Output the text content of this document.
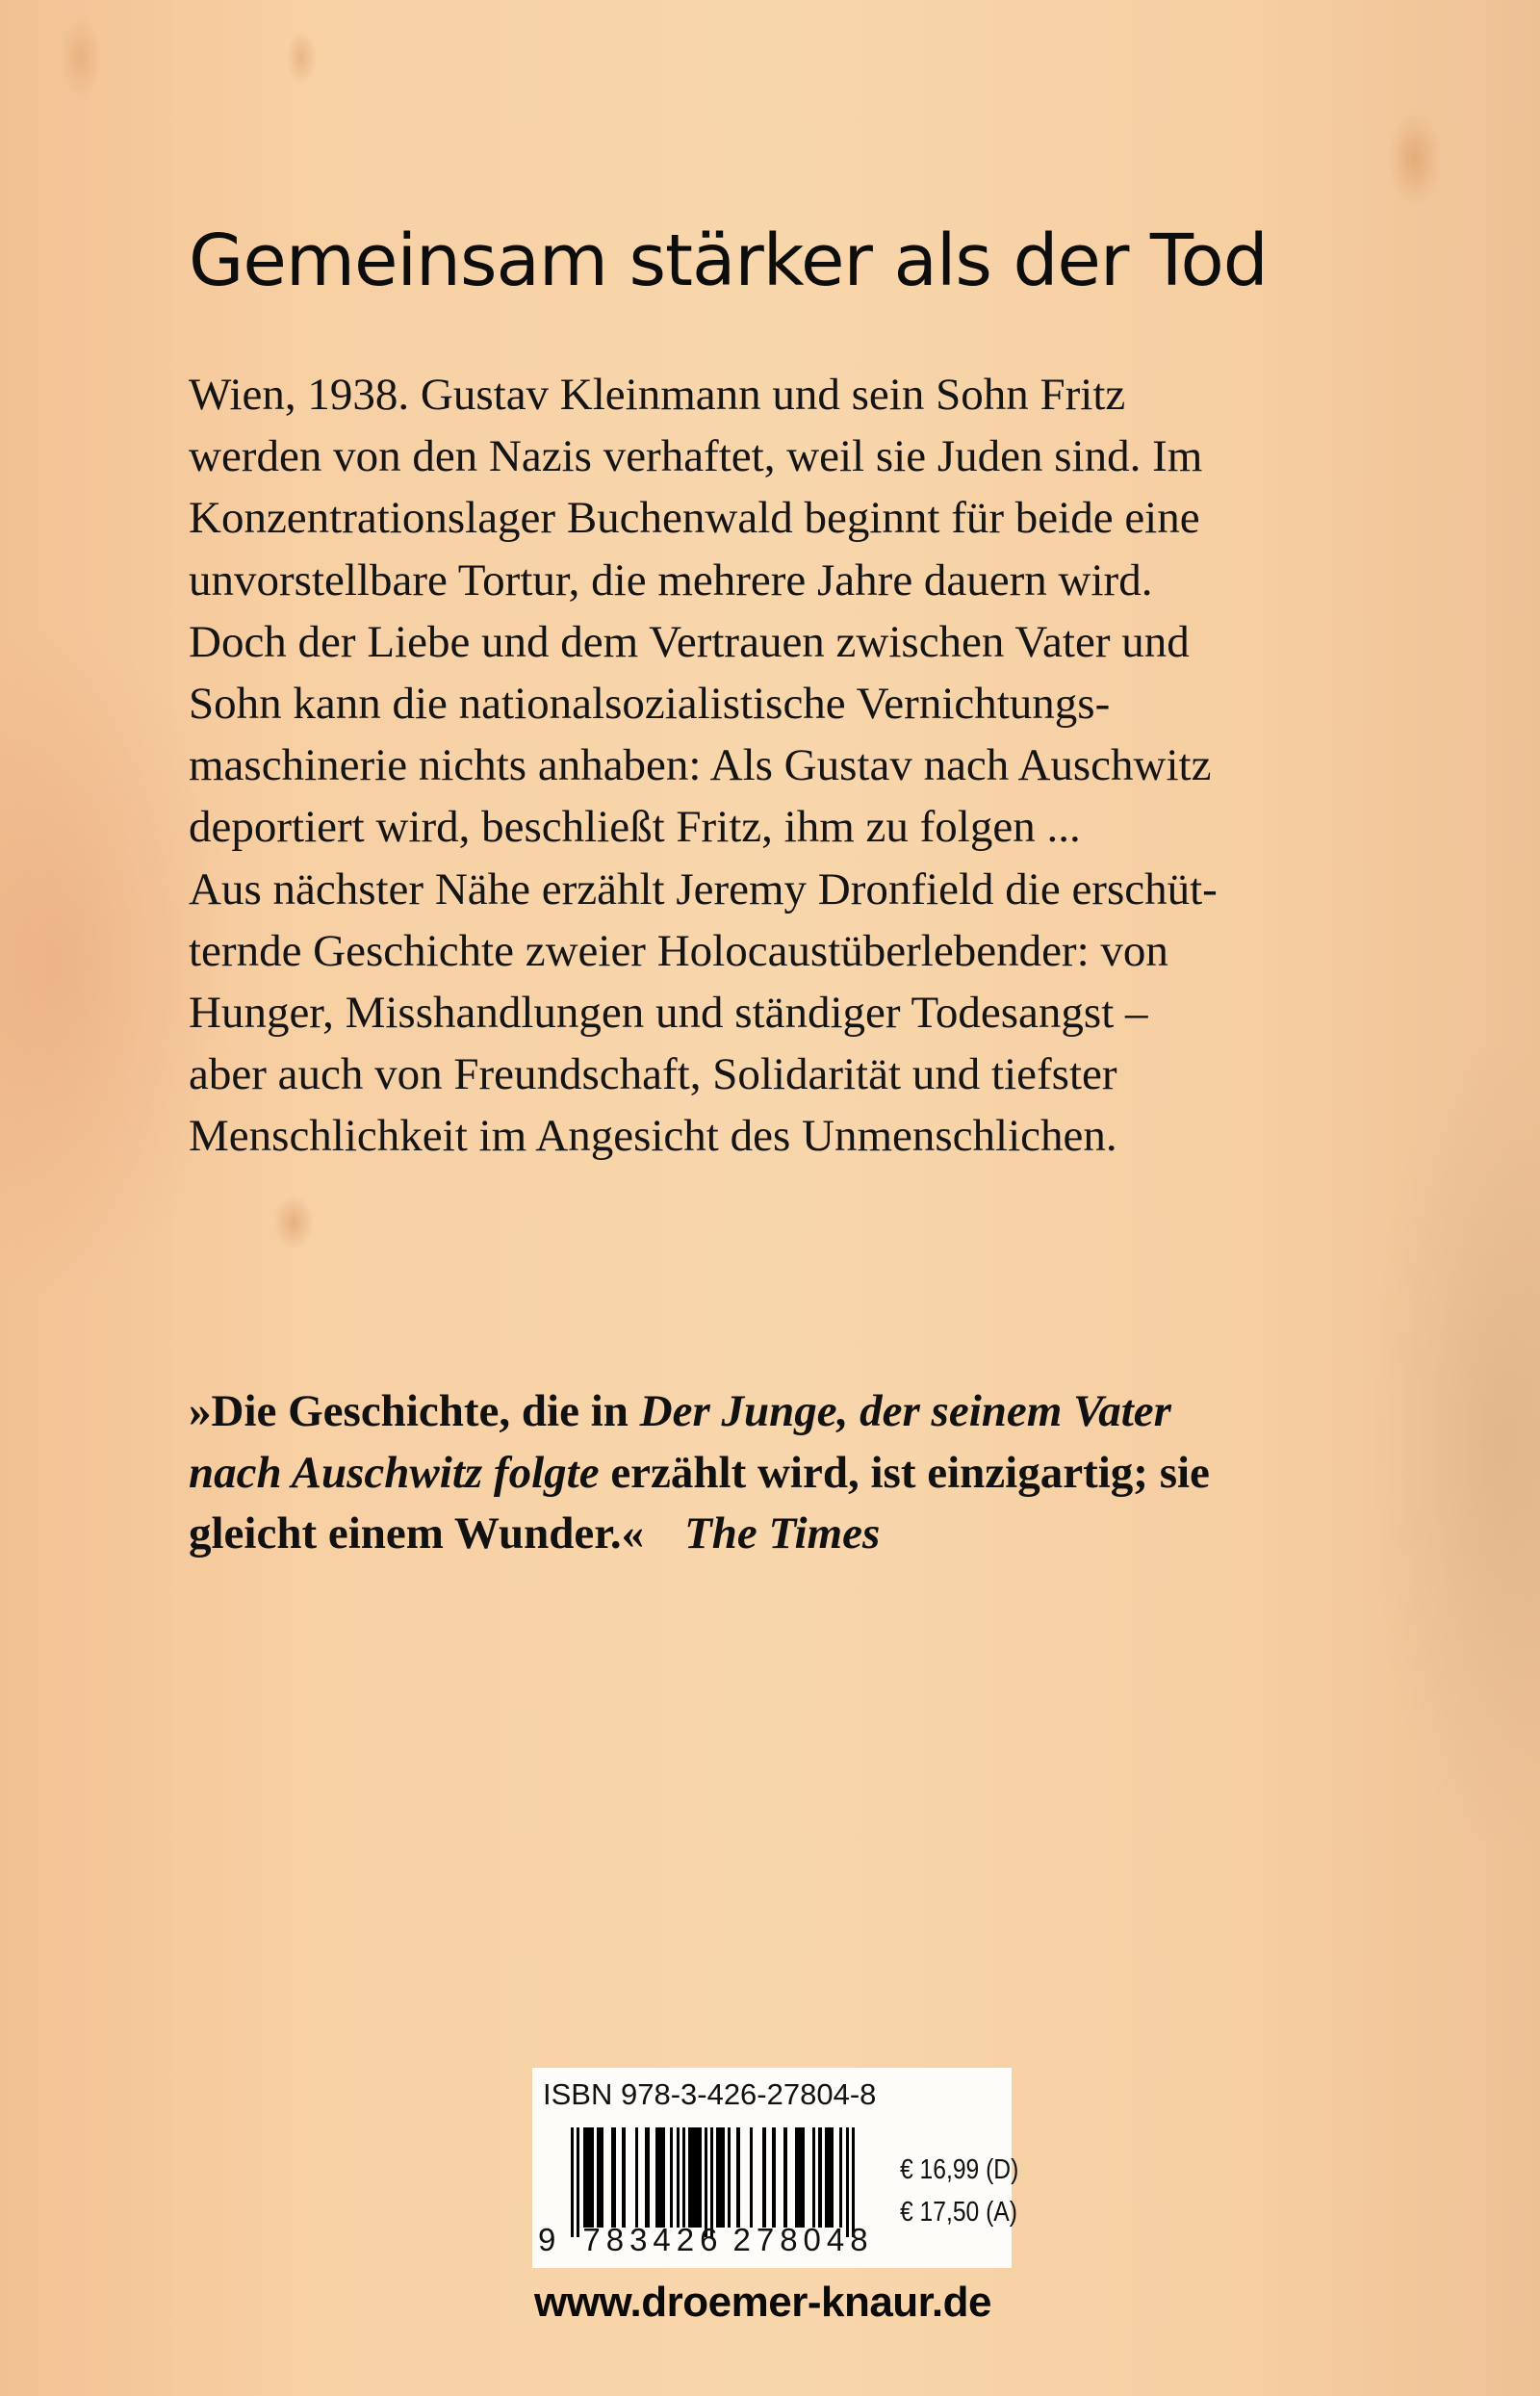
Gemeinsam stärker als der Tod
Wien, 1938. Gustav Kleinmann und sein Sohn Fritz
werden von den Nazis verhaftet, weil sie Juden sind. Im
Konzentrationslager Buchenwald beginnt für beide eine
unvorstellbare Tortur, die mehrere Jahre dauern wird.
Doch der Liebe und dem Vertrauen zwischen Vater und
Sohn kann die nationalsozialistische Vernichtungs-
maschinerie nichts anhaben: Als Gustav nach Auschwitz
deportiert wird, beschließt Fritz, ihm zu folgen ...
Aus nächster Nähe erzählt Jeremy Dronfield die erschüt-
ternde Geschichte zweier Holocaustüberlebender: von
Hunger, Misshandlungen und ständiger Todesangst –
aber auch von Freundschaft, Solidarität und tiefster
Menschlichkeit im Angesicht des Unmenschlichen.
»Die Geschichte, die in Der Junge, der seinem Vater
nach Auschwitz folgte erzählt wird, ist einzigartig; sie
gleicht einem Wunder.« The Times
ISBN 978-3-426-27804-8
9 783426 278048
€ 16,99 (D)
€ 17,50 (A)
www.droemer-knaur.de
